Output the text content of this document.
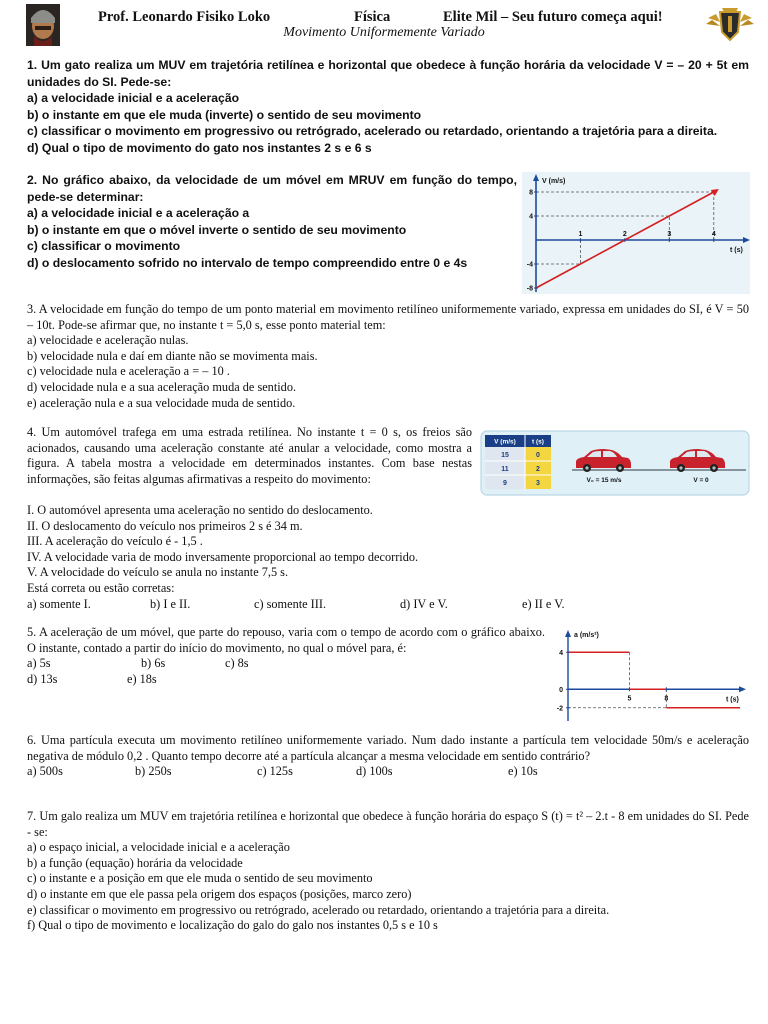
Prof. Leonardo Fisiko Loko	Física	Elite Mil – Seu futuro começa aqui!
Movimento Uniformemente Variado

1. Um gato realiza um MUV em trajetória retilínea e horizontal que obedece à função horária da velocidade V = – 20 + 5t em unidades do SI. Pede-se:

a) a velocidade inicial e a aceleração

b) o instante em que ele muda (inverte) o sentido de seu movimento

c) classificar o movimento em progressivo ou retrógrado, acelerado ou retardado, orientando a trajetória para a direita.

d) Qual o tipo de movimento do gato nos instantes 2 s e 6 s

2. No gráfico abaixo, da velocidade de um móvel em MRUV em função do tempo, pede-se determinar:

a) a velocidade inicial e a aceleração a

b) o instante em que o móvel inverte o sentido de seu movimento

c) classificar o movimento

d) o deslocamento sofrido no intervalo de tempo compreendido entre 0 e 4s

1	2	3	4
8
4
-4
-8
V (m/s)
t (s)

3. A velocidade em função do tempo de um ponto material em movimento retilíneo uniformemente variado, expressa em unidades do SI, é V = 50 – 10t. Pode-se afirmar que, no instante t = 5,0 s, esse ponto material tem:

a) velocidade e aceleração nulas.

b) velocidade nula e daí em diante não se movimenta mais.

c) velocidade nula e aceleração a = – 10 .

d) velocidade nula e a sua aceleração muda de sentido.

e) aceleração nula e a sua velocidade muda de sentido.

4. Um automóvel trafega em uma estrada retilínea. No instante t = 0 s, os freios são acionados, causando uma aceleração constante até anular a velocidade, como mostra a figura. A tabela mostra a velocidade em determinados instantes. Com base nestas informações, são feitas algumas afirmativas a respeito do movimento:

I. O automóvel apresenta uma aceleração no sentido do deslocamento.

II. O deslocamento do veículo nos primeiros 2 s é 34 m.

III. A aceleração do veículo é - 1,5 .

IV. A velocidade varia de modo inversamente proporcional ao tempo decorrido.

V. A velocidade do veículo se anula no instante 7,5 s.

Está correta ou estão corretas:

a) somente I.	b) I e II.	c) somente III.	d) IV e V.	e) II e V.
V (m/s) t (s)
15	0
11	2
9	3	V₀ = 15 m/s	V = 0

5. A aceleração de um móvel, que parte do repouso, varia com o tempo de acordo com o gráfico abaixo. O instante, contado a partir do início do movimento, no qual o móvel para, é:

a) 5s	b) 6s	c) 8s
d) 13s	e) 18s
5	8
4
0
-2
a (m/s²)
t (s)

6. Uma partícula executa um movimento retilíneo uniformemente variado. Num dado instante a partícula tem velocidade 50m/s e aceleração negativa de módulo 0,2 . Quanto tempo decorre até a partícula alcançar a mesma velocidade em sentido contrário?

a) 500s	b) 250s	c) 125s	d) 100s	e) 10s

7. Um galo realiza um MUV em trajetória retilínea e horizontal que obedece à função horária do espaço S (t) = t² – 2.t - 8 em unidades do SI. Pede - se:

a) o espaço inicial, a velocidade inicial e a aceleração

b) a função (equação) horária da velocidade

c) o instante e a posição em que ele muda o sentido de seu movimento

d) o instante em que ele passa pela origem dos espaços (posições, marco zero)

e) classificar o movimento em progressivo ou retrógrado, acelerado ou retardado, orientando a trajetória para a direita.

f) Qual o tipo de movimento e localização do galo do galo nos instantes 0,5 s e 10 s
